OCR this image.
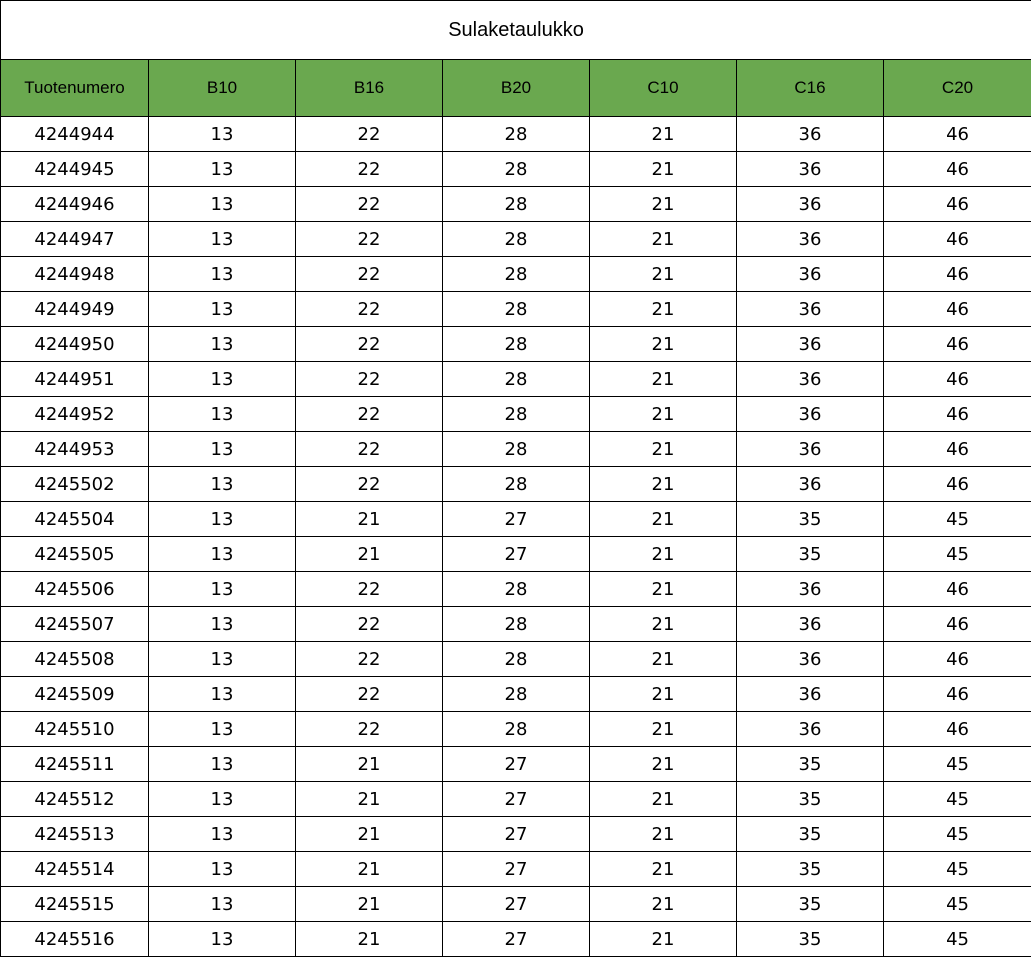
Sulaketaulukko						
Tuotenumero	B10	B16	B20	C10	C16	C20
4244944	13	22	28	21	36	46
4244945	13	22	28	21	36	46
4244946	13	22	28	21	36	46
4244947	13	22	28	21	36	46
4244948	13	22	28	21	36	46
4244949	13	22	28	21	36	46
4244950	13	22	28	21	36	46
4244951	13	22	28	21	36	46
4244952	13	22	28	21	36	46
4244953	13	22	28	21	36	46
4245502	13	22	28	21	36	46
4245504	13	21	27	21	35	45
4245505	13	21	27	21	35	45
4245506	13	22	28	21	36	46
4245507	13	22	28	21	36	46
4245508	13	22	28	21	36	46
4245509	13	22	28	21	36	46
4245510	13	22	28	21	36	46
4245511	13	21	27	21	35	45
4245512	13	21	27	21	35	45
4245513	13	21	27	21	35	45
4245514	13	21	27	21	35	45
4245515	13	21	27	21	35	45
4245516	13	21	27	21	35	45
